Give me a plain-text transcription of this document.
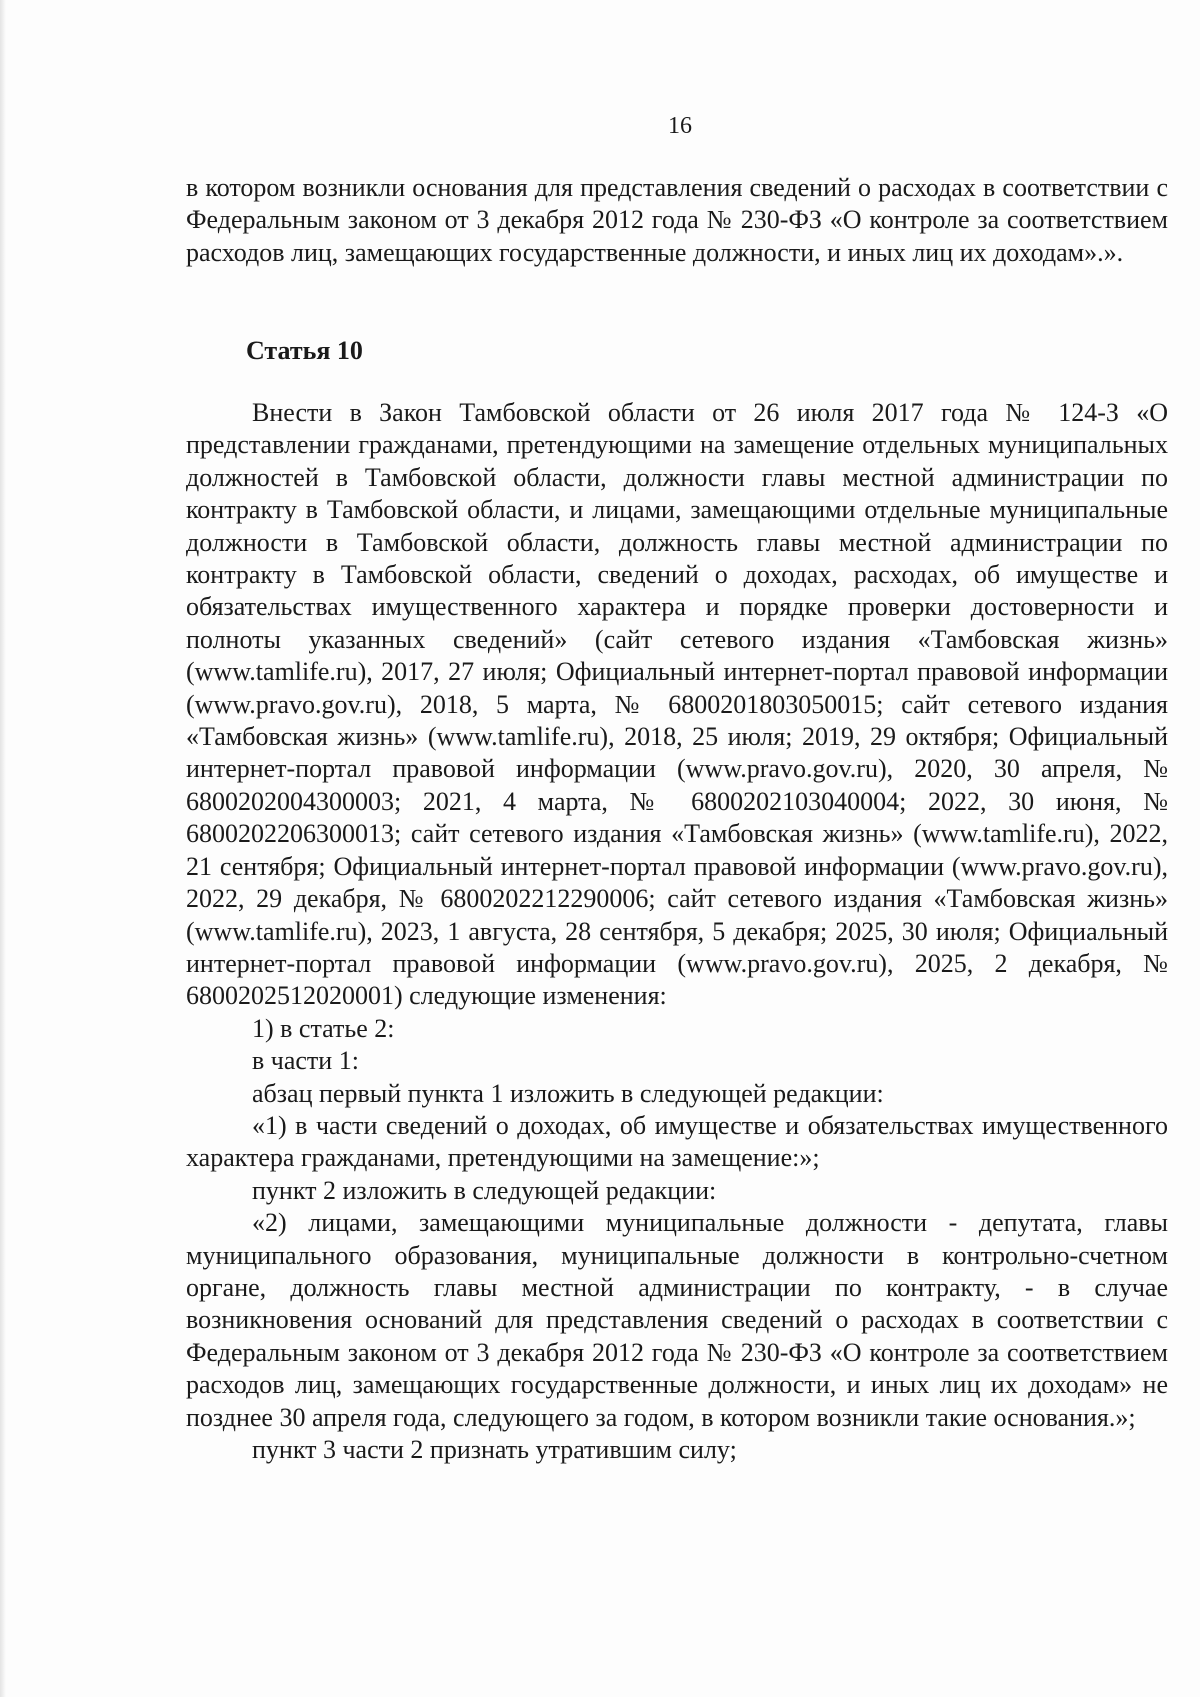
16

в котором возникли основания для представления сведений о расходах в соответствии с Федеральным законом от 3 декабря 2012 года № 230-ФЗ «О контроле за соответствием расходов лиц, замещающих государственные должности, и иных лиц их доходам».».

Статья 10

Внести в Закон Тамбовской области от 26 июля 2017 года № 124-З «О представлении гражданами, претендующими на замещение отдельных муниципальных должностей в Тамбовской области, должности главы местной администрации по контракту в Тамбовской области, и лицами, замещающими отдельные муниципальные должности в Тамбовской области, должность главы местной администрации по контракту в Тамбовской области, сведений о доходах, расходах, об имуществе и обязательствах имущественного характера и порядке проверки достоверности и полноты указанных сведений» (сайт сетевого издания «Тамбовская жизнь» (www.tamlife.ru), 2017, 27 июля; Официальный интернет-портал правовой информации (www.pravo.gov.ru), 2018, 5 марта, № 6800201803050015; сайт сетевого издания «Тамбовская жизнь» (www.tamlife.ru), 2018, 25 июля; 2019, 29 октября; Официальный интернет-портал правовой информации (www.pravo.gov.ru), 2020, 30 апреля, № 6800202004300003; 2021, 4 марта, № 6800202103040004; 2022, 30 июня, № 6800202206300013; сайт сетевого издания «Тамбовская жизнь» (www.tamlife.ru), 2022, 21 сентября; Официальный интернет-портал правовой информации (www.pravo.gov.ru), 2022, 29 декабря, № 6800202212290006; сайт сетевого издания «Тамбовская жизнь» (www.tamlife.ru), 2023, 1 августа, 28 сентября, 5 декабря; 2025, 30 июля; Официальный интернет-портал правовой информации (www.pravo.gov.ru), 2025, 2 декабря, № 6800202512020001) следующие изменения:

1) в статье 2:

в части 1:

абзац первый пункта 1 изложить в следующей редакции:

«1) в части сведений о доходах, об имуществе и обязательствах имущественного характера гражданами, претендующими на замещение:»;

пункт 2 изложить в следующей редакции:

«2) лицами, замещающими муниципальные должности - депутата, главы муниципального образования, муниципальные должности в контрольно-счетном органе, должность главы местной администрации по контракту, - в случае возникновения оснований для представления сведений о расходах в соответствии с Федеральным законом от 3 декабря 2012 года № 230-ФЗ «О контроле за соответствием расходов лиц, замещающих государственные должности, и иных лиц их доходам» не позднее 30 апреля года, следующего за годом, в котором возникли такие основания.»;

пункт 3 части 2 признать утратившим силу;
